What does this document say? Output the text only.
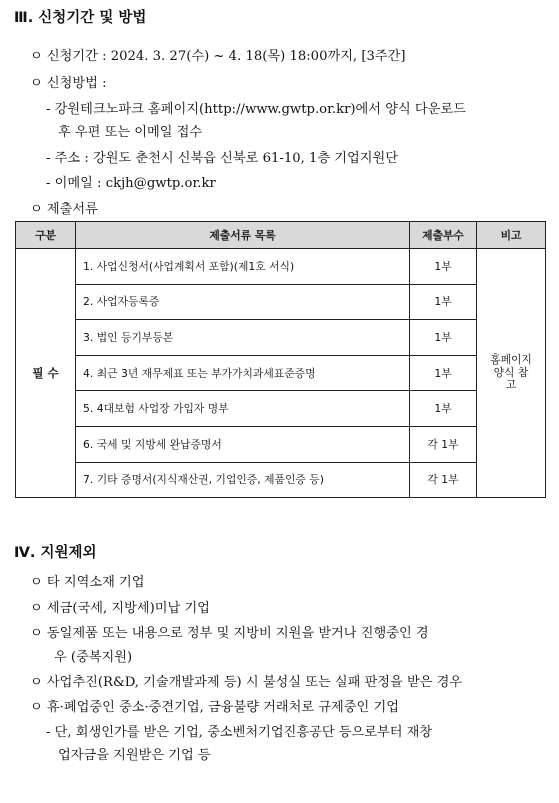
Ⅲ. 신청기간 및 방법
ㅇ 신청기간 : 2024. 3. 27(수) ~ 4. 18(목) 18:00까지, [3주간]
ㅇ 신청방법 :
- 강원테크노파크 홈페이지(http://www.gwtp.or.kr)에서 양식 다운로드
후 우편 또는 이메일 접수
- 주소 : 강원도 춘천시 신북읍 신북로 61-10, 1층 기업지원단
- 이메일 : ckjh@gwtp.or.kr
ㅇ 제출서류
구분	제출서류 목록	제출부수	비고
필 수	1. 사업신청서(사업계획서 포함)(제1호 서식)	1부	홈페이지 양식 참고

	2. 사업자등록증	1부	
	3. 법인 등기부등본	1부	
	4. 최근 3년 재무제표 또는 부가가치과세표준증명	1부	
	5. 4대보험 사업장 가입자 명부	1부	
	6. 국세 및 지방세 완납증명서	각 1부	
	7. 기타 증명서(지식재산권, 기업인증, 제품인증 등)	각 1부	
Ⅳ. 지원제외
ㅇ 타 지역소재 기업
ㅇ 세금(국세, 지방세)미납 기업
ㅇ 동일제품 또는 내용으로 정부 및 지방비 지원을 받거나 진행중인 경
우 (중복지원)
ㅇ 사업추진(R&D, 기술개발과제 등) 시 불성실 또는 실패 판정을 받은 경우
ㅇ 휴·폐업중인 중소·중견기업, 금융불량 거래처로 규제중인 기업
- 단, 회생인가를 받은 기업, 중소벤처기업진흥공단 등으로부터 재창
업자금을 지원받은 기업 등
